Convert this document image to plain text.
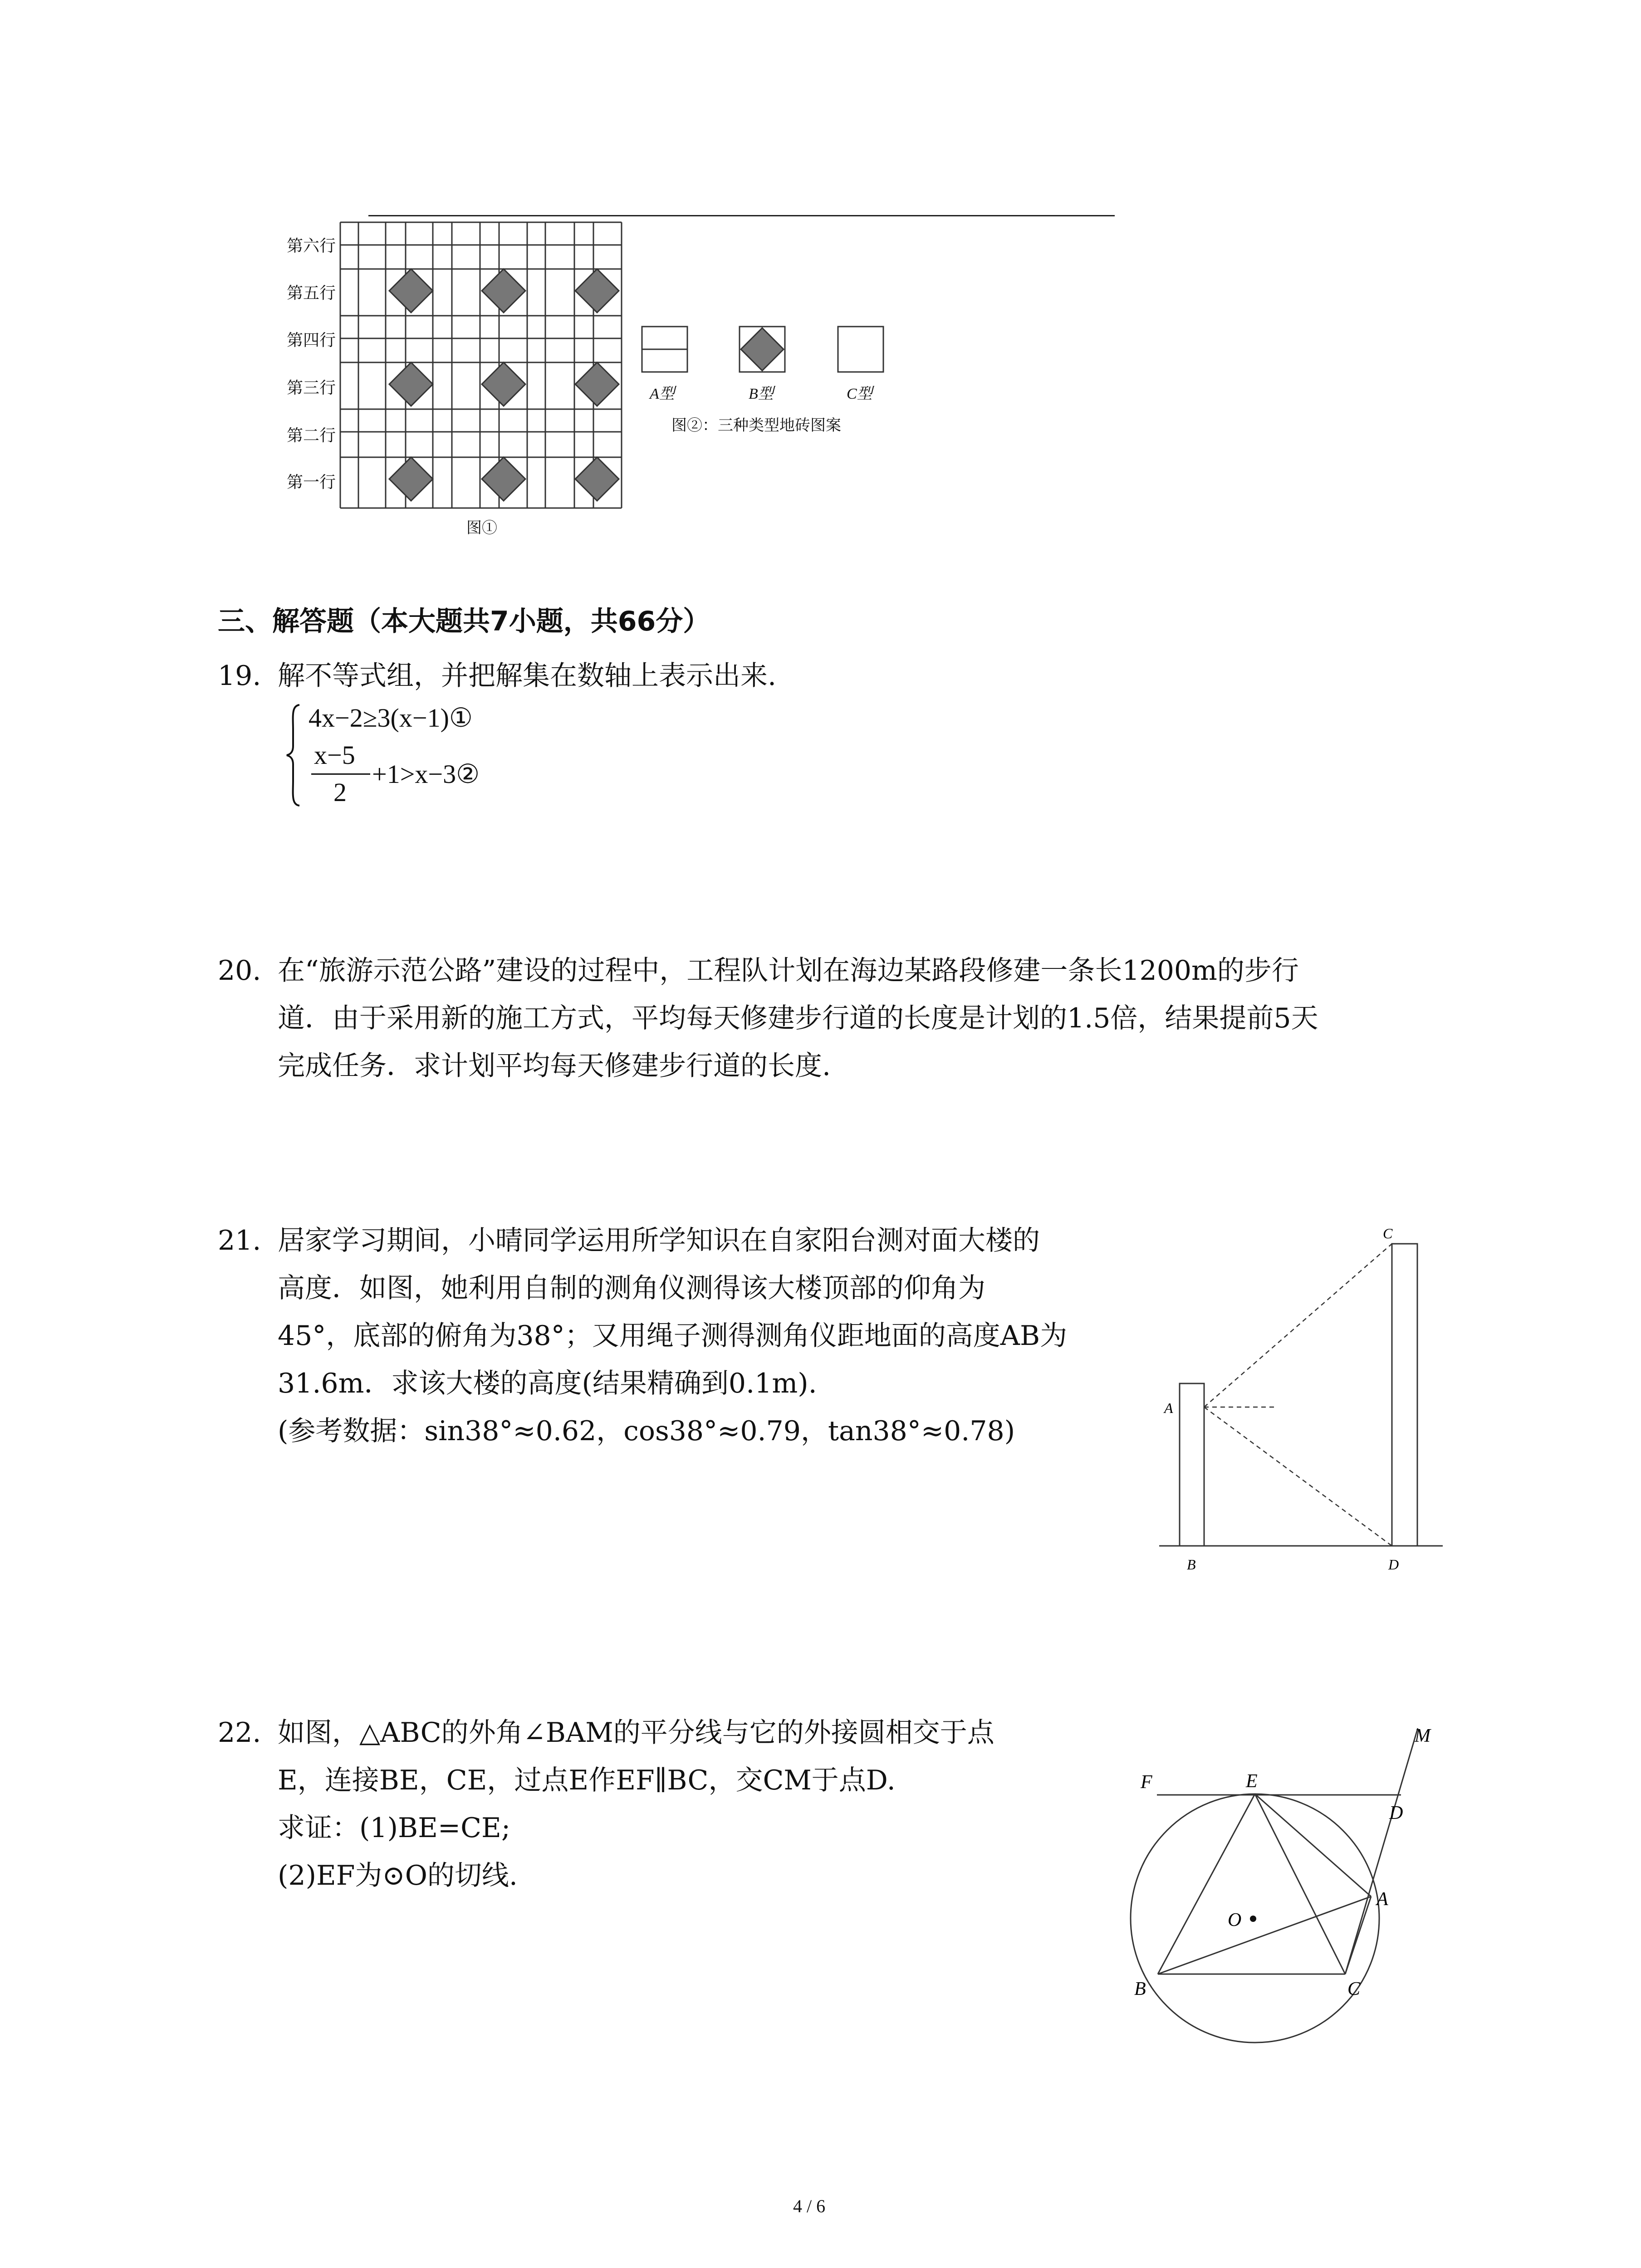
第六行
第五行
第四行
第三行
第二行
第一行
图①
A型	B型	C型
图②：三种类型地砖图案
三、解答题（本大题共7小题，共66分）
19. 解不等式组，并把解集在数轴上表示出来.
4x−2≥3(x−1)①
x−5
2
+1>x−3②
20. 在“旅游示范公路”建设的过程中，工程队计划在海边某路段修建一条长1200m的步行
道．由于采用新的施工方式，平均每天修建步行道的长度是计划的1.5倍，结果提前5天
完成任务．求计划平均每天修建步行道的长度.
21. 居家学习期间，小晴同学运用所学知识在自家阳台测对面大楼的
高度．如图，她利用自制的测角仪测得该大楼顶部的仰角为
45°，底部的俯角为38°；又用绳子测得测角仪距地面的高度AB为
31.6m．求该大楼的高度(结果精确到0.1m).
(参考数据：sin38°≈0.62，cos38°≈0.79，tan38°≈0.78)
C
A
B	D
22. 如图，△ABC的外角∠BAM的平分线与它的外接圆相交于点
E，连接BE，CE，过点E作EF∥BC，交CM于点D.
求证：(1)BE=CE;
(2)EF为⊙O的切线.
M
F	E
D
O
A
B	C
4 / 6
